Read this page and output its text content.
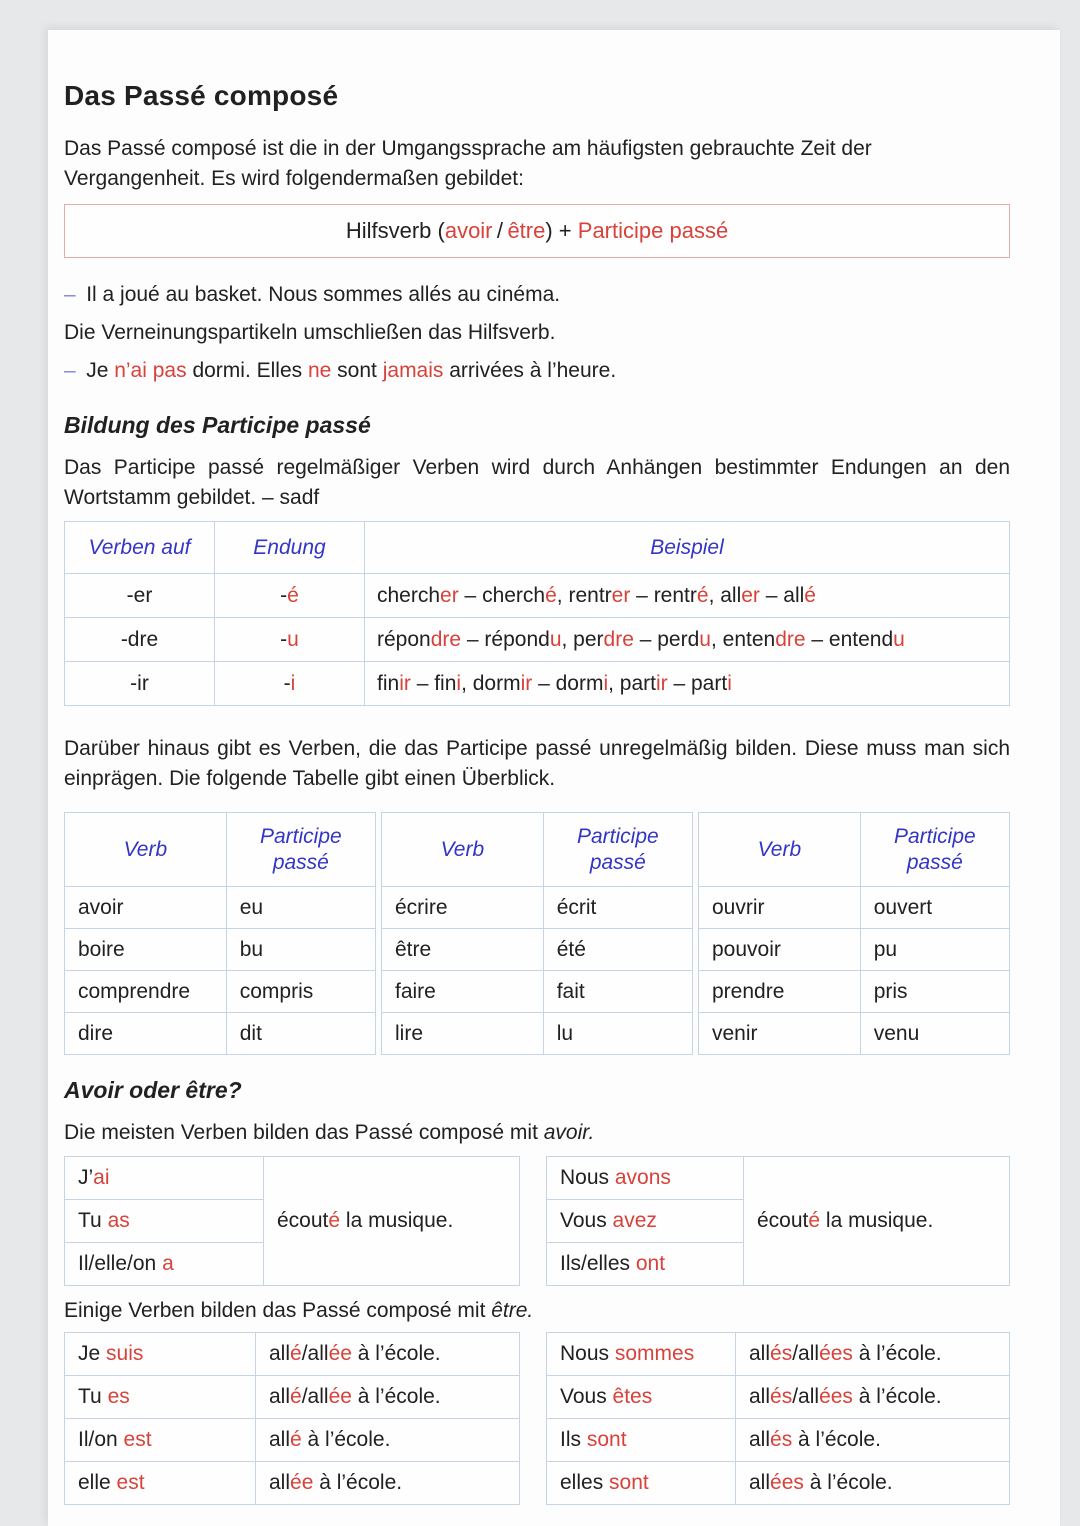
Das Passé composé

Das Passé composé ist die in der Umgangssprache am häufigsten gebrauchte Zeit der Vergangenheit. Es wird folgendermaßen gebildet:

Hilfsverb (avoir / être) + Participe passé

– Il a joué au basket. Nous sommes allés au cinéma.

Die Verneinungspartikeln umschließen das Hilfsverb.

– Je n’ai pas dormi. Elles ne sont jamais arrivées à l’heure.

Bildung des Participe passé

Das Participe passé regelmäßiger Verben wird durch Anhängen bestimmter Endungen an den Wortstamm gebildet. – sadf

Verben auf	Endung	Beispiel
-er	-é	chercher – cherché, rentrer – rentré, aller – allé
-dre	-u	répondre – répondu, perdre – perdu, entendre – entendu
-ir	-i	finir – fini, dormir – dormi, partir – parti

Darüber hinaus gibt es Verben, die das Participe passé unregelmäßig bilden. Diese muss man sich einprägen. Die folgende Tabelle gibt einen Überblick.

Verb	Participe passé
avoir	eu
boire	bu
comprendre	compris
dire	dit
Verb	Participe passé
écrire	écrit
être	été
faire	fait
lire	lu
Verb	Participe passé
ouvrir	ouvert
pouvoir	pu
prendre	pris
venir	venu
Avoir oder être?

Die meisten Verben bilden das Passé composé mit avoir.

J’ai	écouté la musique.
Tu as
Il/elle/on a
Nous avons	écouté la musique.
Vous avez
Ils/elles ont

Einige Verben bilden das Passé composé mit être.

Je suis	allé/allée à l’école.
Tu es	allé/allée à l’école.
Il/on est	allé à l’école.
elle est	allée à l’école.
Nous sommes	allés/allées à l’école.
Vous êtes	allés/allées à l’école.
Ils sont	allés à l’école.
elles sont	allées à l’école.
